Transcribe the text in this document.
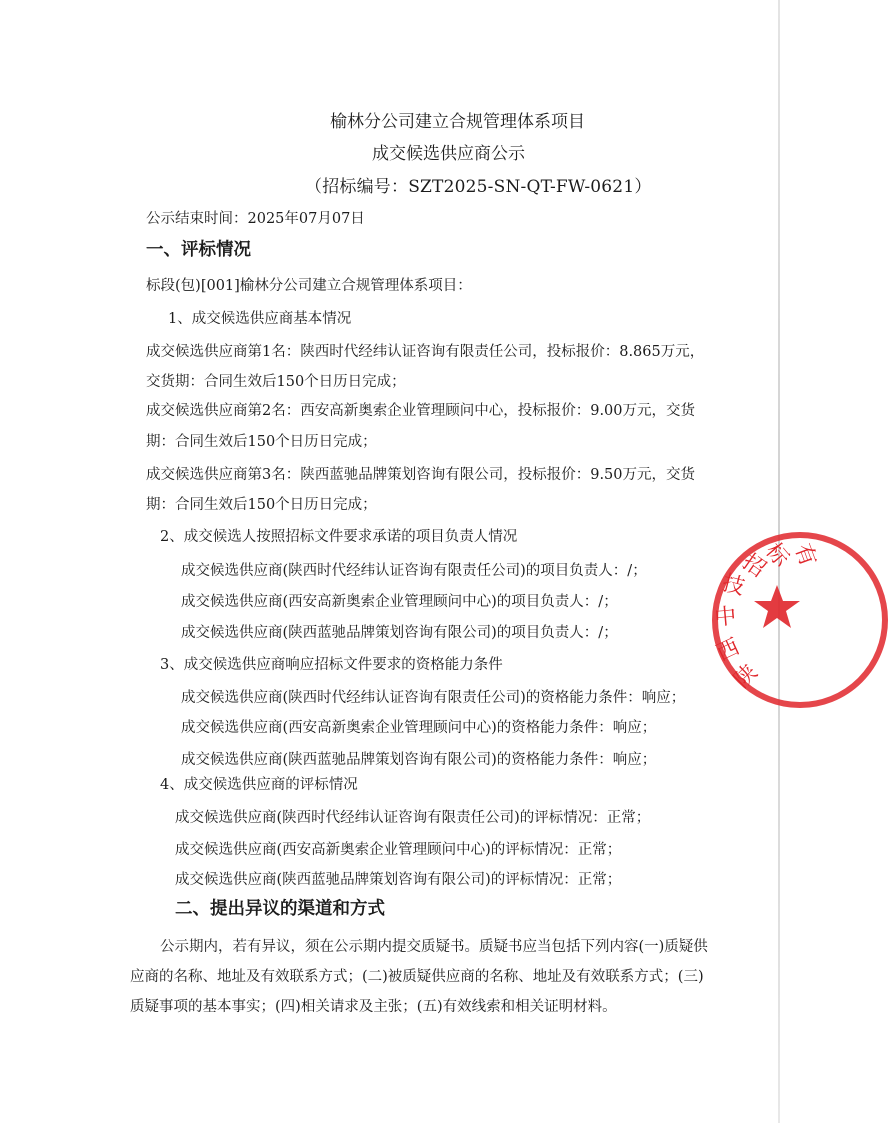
榆林分公司建立合规管理体系项目
成交候选供应商公示
（招标编号：SZT2025-SN-QT-FW-0621）
公示结束时间：2025年07月07日
一、评标情况
标段(包)[001]榆林分公司建立合规管理体系项目：
1、成交候选供应商基本情况
成交候选供应商第1名：陕西时代经纬认证咨询有限责任公司，投标报价：8.865万元，
交货期：合同生效后150个日历日完成；
成交候选供应商第2名：西安高新奥索企业管理顾问中心，投标报价：9.00万元，交货
期：合同生效后150个日历日完成；
成交候选供应商第3名：陕西蓝驰品牌策划咨询有限公司，投标报价：9.50万元，交货
期：合同生效后150个日历日完成；
2、成交候选人按照招标文件要求承诺的项目负责人情况
成交候选供应商(陕西时代经纬认证咨询有限责任公司)的项目负责人：/；
成交候选供应商(西安高新奥索企业管理顾问中心)的项目负责人：/；
成交候选供应商(陕西蓝驰品牌策划咨询有限公司)的项目负责人：/；
3、成交候选供应商响应招标文件要求的资格能力条件
成交候选供应商(陕西时代经纬认证咨询有限责任公司)的资格能力条件：响应；
成交候选供应商(西安高新奥索企业管理顾问中心)的资格能力条件：响应；
成交候选供应商(陕西蓝驰品牌策划咨询有限公司)的资格能力条件：响应；
4、成交候选供应商的评标情况
成交候选供应商(陕西时代经纬认证咨询有限责任公司)的评标情况：正常；
成交候选供应商(西安高新奥索企业管理顾问中心)的评标情况：正常；
成交候选供应商(陕西蓝驰品牌策划咨询有限公司)的评标情况：正常；
二、提出异议的渠道和方式
公示期内，若有异议，须在公示期内提交质疑书。质疑书应当包括下列内容(一)质疑供
应商的名称、地址及有效联系方式；(二)被质疑供应商的名称、地址及有效联系方式；(三)
质疑事项的基本事实；(四)相关请求及主张；(五)有效线索和相关证明材料。
标
招
技
中
西
陕
有
